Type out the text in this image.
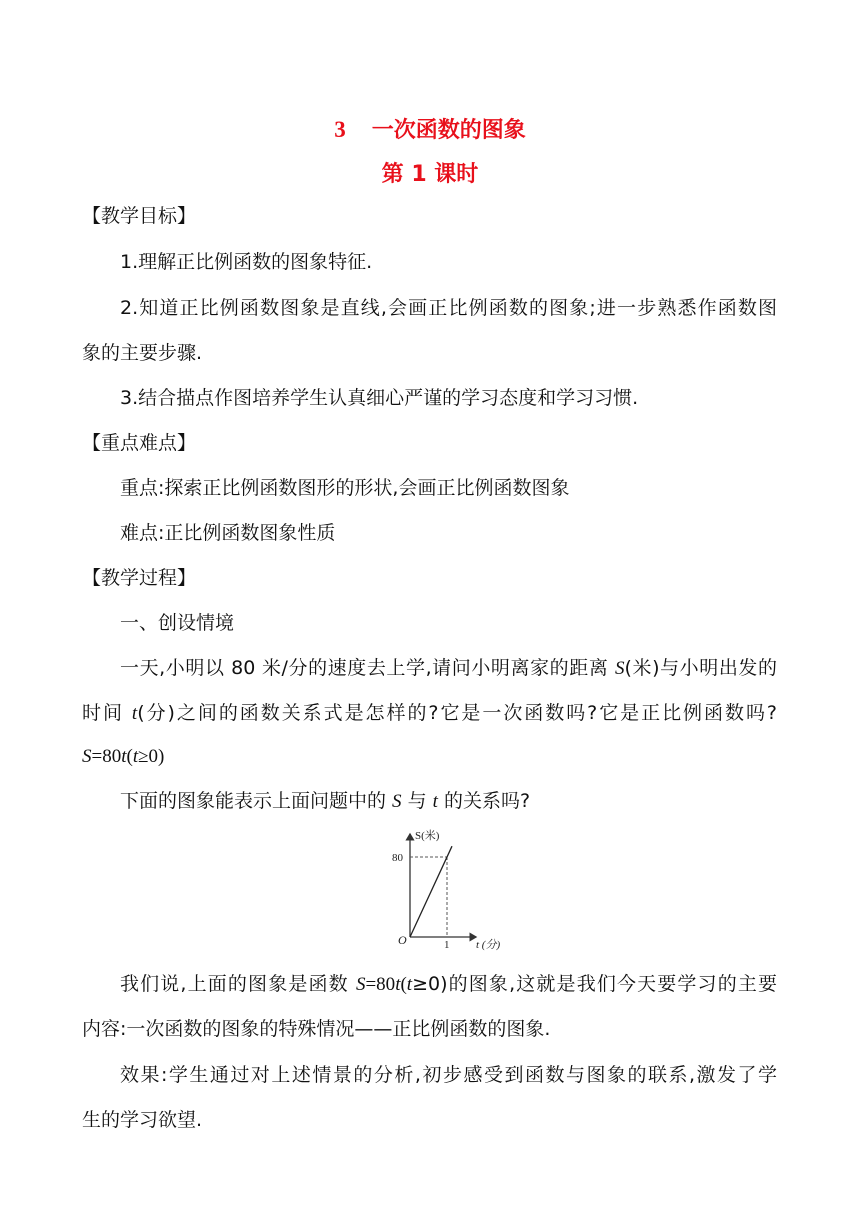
3 一次函数的图象
第 1 课时
【教学目标】
1.理解正比例函数的图象特征.
2.知道正比例函数图象是直线,会画正比例函数的图象;进一步熟悉作函数图
象的主要步骤.
3.结合描点作图培养学生认真细心严谨的学习态度和学习习惯.
【重点难点】
重点:探索正比例函数图形的形状,会画正比例函数图象
难点:正比例函数图象性质
【教学过程】
一、创设情境
一天,小明以 80 米/分的速度去上学,请问小明离家的距离 S(米)与小明出发的
时间 t(分)之间的函数关系式是怎样的?它是一次函数吗?它是正比例函数吗?
S=80t(t≥0)
下面的图象能表示上面问题中的 S 与 t 的关系吗?
S(米)
80
1 t (分)
O
我们说,上面的图象是函数 S=80t(t≥0)的图象,这就是我们今天要学习的主要
内容:一次函数的图象的特殊情况——正比例函数的图象.
效果:学生通过对上述情景的分析,初步感受到函数与图象的联系,激发了学
生的学习欲望.
